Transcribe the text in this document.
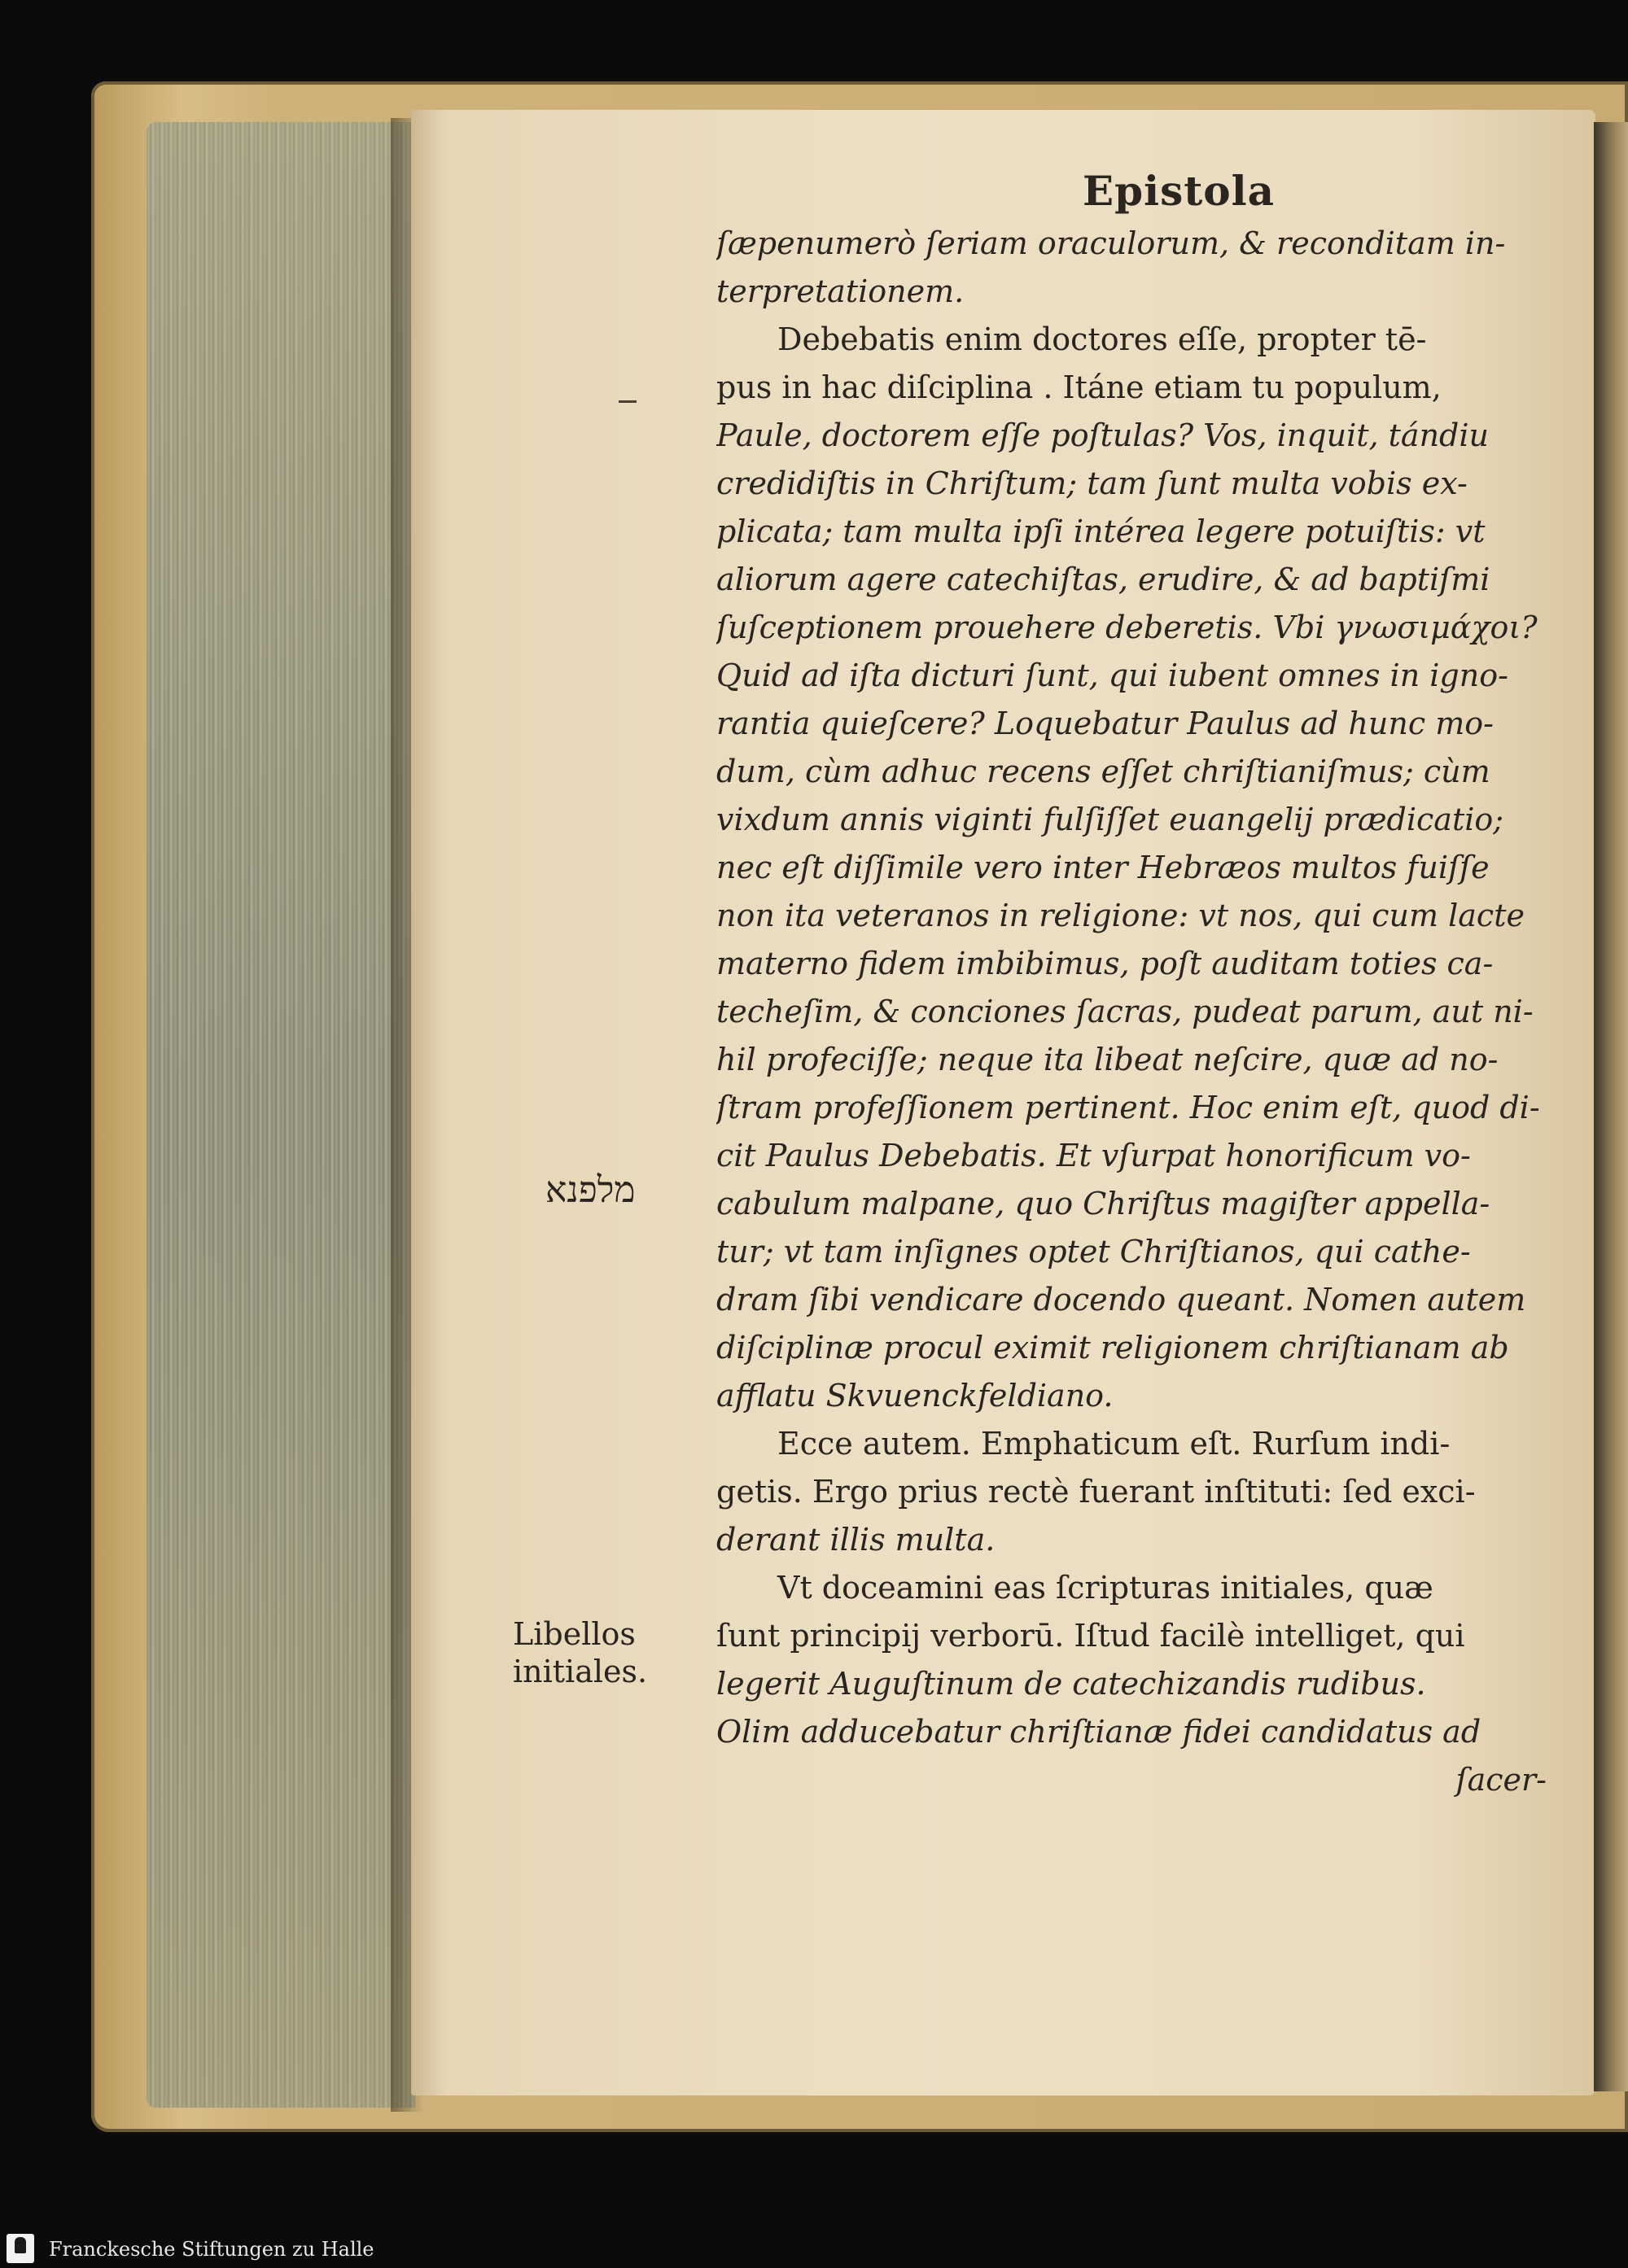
Epistola
מלפנא
Libellos initiales.
ſæpenumerò ſeriam oraculorum, & reconditam in-
terpretationem.
Debebatis enim doctores eſſe, propter tē-
pus in hac diſciplina . Itáne etiam tu populum,
Paule, doctorem eſſe poſtulas? Vos, inquit, tándiu
credidiſtis in Chriſtum; tam ſunt multa vobis ex-
plicata; tam multa ipſi intérea legere potuiſtis: vt
aliorum agere catechiſtas, erudire, & ad baptiſmi
ſuſceptionem prouehere deberetis. Vbi γνωσιμάχοι?
Quid ad iſta dicturi ſunt, qui iubent omnes in igno-
rantia quieſcere? Loquebatur Paulus ad hunc mo-
dum, cùm adhuc recens eſſet chriſtianiſmus; cùm
vixdum annis viginti fulſiſſet euangelij prædicatio;
nec eſt diſſimile vero inter Hebræos multos fuiſſe
non ita veteranos in religione: vt nos, qui cum lacte
materno fidem imbibimus, poſt auditam toties ca-
techeſim, & conciones ſacras, pudeat parum, aut ni-
hil profeciſſe; neque ita libeat neſcire, quæ ad no-
ſtram profeſſionem pertinent. Hoc enim eſt, quod di-
cit Paulus Debebatis. Et vſurpat honorificum vo-
cabulum malpane, quo Chriſtus magiſter appella-
tur; vt tam inſignes optet Chriſtianos, qui cathe-
dram ſibi vendicare docendo queant. Nomen autem
diſciplinæ procul eximit religionem chriſtianam ab
afflatu Skvuenckfeldiano.
Ecce autem. Emphaticum eſt. Rurſum indi-
getis. Ergo prius rectè fuerant inſtituti: ſed exci-
derant illis multa.
Vt doceamini eas ſcripturas initiales, quæ
ſunt principij verborū. Iſtud facilè intelliget, qui
legerit Auguſtinum de catechizandis rudibus.
Olim adducebatur chriſtianæ fidei candidatus ad
ſacer-
Franckesche Stiftungen zu Halle
